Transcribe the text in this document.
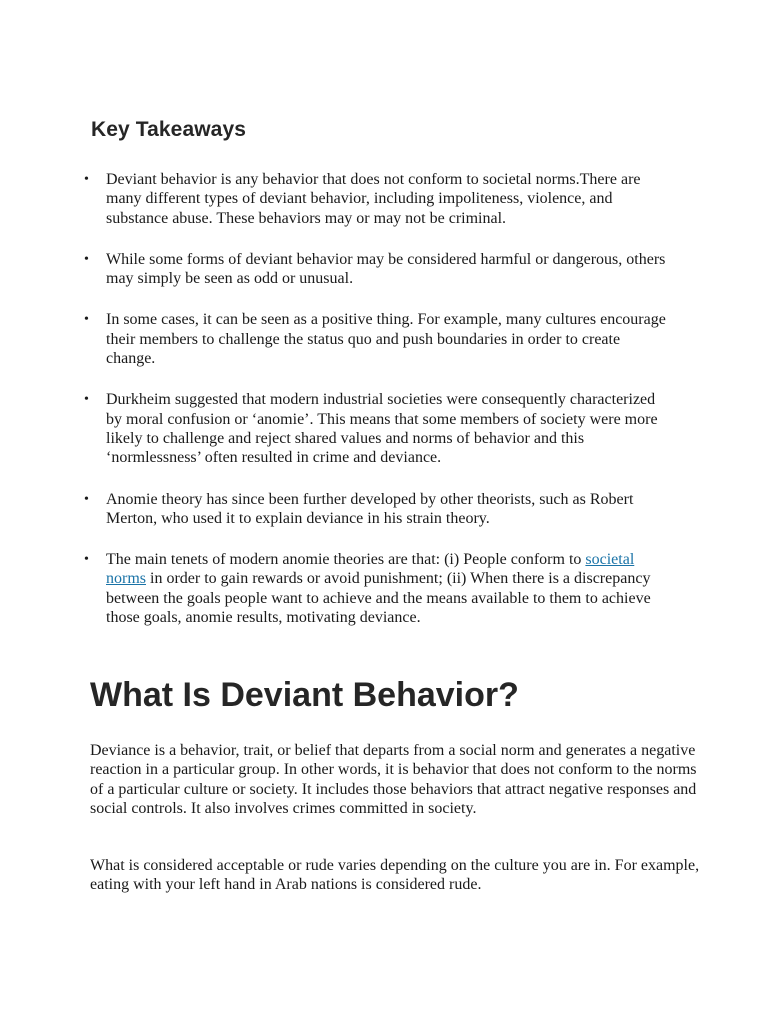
Key Takeaways
• Deviant behavior is any behavior that does not conform to societal norms.There are many different types of deviant behavior, including impoliteness, violence, and substance abuse. These behaviors may or may not be criminal.
• While some forms of deviant behavior may be considered harmful or dangerous, others may simply be seen as odd or unusual.
• In some cases, it can be seen as a positive thing. For example, many cultures encourage their members to challenge the status quo and push boundaries in order to create change.
• Durkheim suggested that modern industrial societies were consequently characterized by moral confusion or ‘anomie’. This means that some members of society were more likely to challenge and reject shared values and norms of behavior and this ‘normlessness’ often resulted in crime and deviance.
• Anomie theory has since been further developed by other theorists, such as Robert Merton, who used it to explain deviance in his strain theory.
• The main tenets of modern anomie theories are that: (i) People conform to societal norms in order to gain rewards or avoid punishment; (ii) When there is a discrepancy between the goals people want to achieve and the means available to them to achieve those goals, anomie results, motivating deviance.
What Is Deviant Behavior?

Deviance is a behavior, trait, or belief that departs from a social norm and generates a negative reaction in a particular group. In other words, it is behavior that does not conform to the norms of a particular culture or society. It includes those behaviors that attract negative responses and social controls. It also involves crimes committed in society.

What is considered acceptable or rude varies depending on the culture you are in. For example, eating with your left hand in Arab nations is considered rude.
